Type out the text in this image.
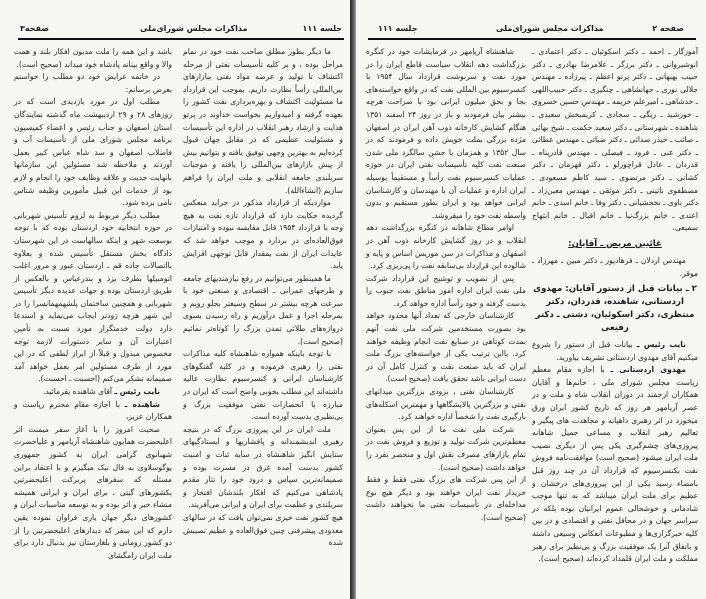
جلسه ۱۱۱
مذاکرات مجلس شورای‌ملی
صفحه۳

ما دیگر بطور مطلق صاحب نفت خود در تمام مراحل بوده ، و بر کلیه تأسیسات نفتی از مرحله اکتشاف تا تولید و عرضه مواد نفتی ببازارهای بین‌المللی رأساً نظارت داریم. بموجب این قرارداد ما مسئولیت اکتشاف و بهره‌برداری نفت کشور را بعهده گرفته و امیدواریم بخواست خداوند در پرتو هدایت و ارشاد رهبر انقلاب در اداره این تأسیسات و مسئولیت عظیمی که در مقابل جهان قبول کرده‌ایم به بهترین وجهی توفیق یافته و بتوانیم بیش از پیش بازارهای بین‌المللی را یافته و موجبات سربلندی جامعه انقلابی و ملت ایران را فراهم سازیم (انشاءالله).

مواردیکه از قرارداد مذکور در جراید منعکس گردیده حکایت دارد که قرارداد تازه نفت به هیچ وجه با قرارداد ۱۹۵۴ قابل مقایسه نبوده و امتیازات فوق‌العاده‌ای در بردارد و موجب خواهد شد که عایدات ایران از نفت بمقدار قابل توجهی افزایش یابد.

ما همینطور می‌توانیم در رفع نیازمندیهای جامعه و طرحهای عمرانی ـ اقتصادی و صنعتی خود با سرعت هرچه بیشتر در سطح وسیعتر بجلو رویم و بمرحله اجرا و عمل درآوریم و راه رسیدن بسوی دروازه‌های طلائی تمدن بزرگ را کوتاه‌تر نمائیم (صحیح است).

با توجه باینکه همواره شاهنشاه کلیه مذاکرات نفتی را رهبری فرموده و در کلیه گفتگوهای کارشناسان ایرانی و کنسرسیوم نظارت عالیه داشته‌اند این مطلب بخوبی واضح است که ایران در مبارزه با انحصارات نفتی موفقیت بزرگ و بی‌نظیری بدست آورده است.

ملت ایران در این پیروزی بزرگ که در نتیجه رهبری اندیشمندانه و پافشاریها و ایستادگیهای ستایش انگیز شاهنشاه در سایه ثبات و امنیت کشور بدست آمده غرق در مسرت بوده و صمیمانه‌ترین سپاس و درود خود را نثار مقدم پادشاهی می‌کنیم که افکار بلندشان افتخار و سربلندی و عظمت برای ایران و ایرانی می‌آفریند.

هیچ کشور نفت خیزی نمی‌توان یافت که در سالهای معدودی پیشرفتی چنین فوق‌العاده و عظیم نصیبش شده

باشد و این همه را ملت مدیون افکار بلند و همت والا و واقع بینانه پادشاه خود میداند (صحیح است).

در خاتمه عرایض خود دو مطلب را خواستم بعرض برسانم:

مطلب اول در مورد بازدیدی است که در روزهای ۲۸ و ۲۹ اردیبهشت ماه گذشته نمایندگان استان اصفهان و جناب رئیس و اعضاء کمیسیون برنامه مجلس شورای ملی از تأسیسات آب و فاضلاب اصفهان و سد شاه عباس کبیر بعمل آوردند و ملاحظه شد مسئولین این سازمانها بانهایت جدیت و علاقه وظایف خود را انجام و لازم بود از خدمات این قبیل مأمورین وظیفه شناس نامی برده شود.

مطلب دیگر مربوط به لزوم تأسیس شهربانی در حوزه انتخابیه خود اردستان بوده که با توجه بوسعت شهر و اینکه سالهاست در این شهرستان دادگاه بخش مستقل تأسیس شده و بعلاوه بااتصالات جاده قم ـ اردستان عبور و مرور اغلب اتومبیلها بطرف یزد و بندرعباس و بالعکس از طریق اردستان بوده و جهات عدیده دیگر تأسیس شهربانی و همچنین ساختمان پلشهمهمانسرا را در این شهر هرچه زودتر ایجاب می‌نماید و استدعا دارد دولت خدمتگزار مورد نسبت به تأمین اعتبارات آن و سایر دستورات لازمه توجه مخصوص مبذول و قبلاً از ابراز لطفی که در این مورد از طرف مسئولین امر بعمل خواهد آمد صمیمانه تشکر می‌کنم (احسنت ـ احسنت).

نایب رئیس ـ آقای شاهنده بفرمائید.

شاهنده ـ با اجازه مقام محترم ریاست و همکاران عزیز،

صحبت امروز را با آغاز سفر میمنت اثر اعلیحضرت همایون شاهنشاه آریامهر و علیاحضرت شهبانوی گرامی ایران به کشور جمهوری یوگوسلاوی به فال نیک میگیرم و با اعتقاد براین مسئله که سفرهای پربرکت اعلیحضرتین بکشورهای گیتی ، برای ایران و ایرانی همیشه منشاء خیر و اثر بوده و به توسعه مناسبات ایران و کشورهای دیگر جهان یاری فراوان نموده یقین دارم که این سفر که دیدارهای اعلیحضرتین را از دو کشور رومانی و بلغارستان نیز بدنبال دارد برای ملت ایران رامگشای

صفحه ۲
مذاکرات مجلس شورای‌ملی
جلسه ۱۱۱

شاهنشاه آریامهر در فرمایشات خود در کنگره بزرگداشت دهه انقلاب سیاست قاطع ایران را در مورد نفت و سرنوشت قرارداد سال ۱۹۵۴ با کنسرسیوم بین المللی نفت که در واقع خواسته‌های بجا و بحق میلیون ایرانی بود با صراحت هرچه بیشتر بیان فرمودند و باز در روز ۲۴ اسفند ۱۳۵۱ هنگام گشایش کارخانه ذوب آهن ایران در اصفهان مژده بزرگی بملت خویش داده و فرمودند که در سال ۱۳۵۲ و همزمان با جشن سالگرد ملی شدن صنعت نفت کلیه تأسیسات نفتی ایران در حوزه عملیات کنسرسیوم نفت رأساً و مستقیماً بوسیله ایران اداره و عملیات آن با مهندسان و کارشناسان ایرانی خواهد بود و ایران بطور مستقیم و بدون واسطه نفت خود را میفروشد.

اوامر مطاع شاهانه در کنگره بزرگداشت دهه انقلاب و در روز گشایش کارخانه ذوب آهن در اصفهان و مذاکرات در سن موریس اساس و پایه و شالوده این قرارداد بی‌سابقه نفت را پی‌ریزی کرد.

پس از تصویب و توشیح این قرارداد شرکت ملی نفت ایران اداره امور مناطق نفت جنوب را بدست گرفته و خود رأساً اداره خواهد کرد.

کارشناسان خارجی که تعداد آنها محدود خواهد بود بصورت مستخدمین شرکت ملی نفت آنهم بمدت کوتاهی در صنایع نفت انجام وظیفه خواهند کرد. بااین ترتیب یکی از خواسته‌های بزرگ ملت ایران که باید صنعت نفت و کنترل کامل آن در دست ایرانی باشد تحقق یافت (صحیح است).

کارشناسان نفتی ، بزودی بزرگترین میدانهای نفتی و بزرگترین پالایشگاهها و مهمترین اسکله‌های بارگیری نفت را شخصاً اداره خواهند کرد.

شرکت ملی نفت ما از این پس بعنوان معظم‌ترین شرکت تولید و توزیع و فروش نفت در تمام بازارهای مصرف نقش اول و منحصر بفرد را خواهد داشت (صحیح است).

از این پس شرکت های بزرگ نفتی فقط و فقط خریدار نفت ایران خواهند بود و دیگر هیچ نوع مداخله‌ای در تأسیسات نفتی ما نخواهند داشت (صحیح است).

آموزگار ـ احمد ـ دکتر اسکوئیان ـ دکتر اعتمادی ـ انوشیروانی ـ دکتر برزگر ـ غلامرضا بهادری ـ دکتر حبیب بهبهانی ـ دکتر پرتو اعظم ـ پیرزاده ـ مهندس جلالی نوری ـ جهانشاهی ـ چنگیزی ـ دکتر حبیب‌اللهی ـ خدشاهی ـ امیرعلم خزیمه ـ مهندس حسین خسروی ـ خورشید ـ ریگی ـ سجادی ـ کریمبخش سعیدی ـ شاهنده ـ شهرستانی ـ دکتر سعید حکمت ـ شیخ بهائی ـ صائب ـ حیدر صدائی ـ دکتر ضیائی ـ مهندس عطائی ـ دکتر غنی ـ فرود ـ فیصلی ـ مهندس قادرپناه ـ قدردان ـ عادل قراچورلو ـ دکتر قهرمان ـ دکتر کشانی ـ دکتر مرتضوی ـ سید کاظم مسعودی ـ مصطفوی نائینی ـ دکتر موثقی ـ مهندس معین‌زاد ـ دکتر ناوی ـ نخجشیانی ـ دکتر وفا ـ خانم اسدی ـ خانم اعتدی ـ خانم بزرگ‌نیا ـ خانم اقبال ـ خانم ابتهاج سمیعی.

غائبین مریض ـ آقایان:

مهندس اردلان ـ فرهادپور ـ دکتر مبین ـ مهرزاد ـ موقر.

۲ ـ بیانات قبل از دستور آقایان: مهدوی اردستانی، شاهنده، قدردان، دکتر منتظری، دکتر اسکوئیان، دشتی ـ دکتر رفیعی

نایب رئیس ـ بیانات قبل از دستور را شروع میکنیم آقای مهدوی اردستانی تشریف بیاورید.

مهدوی اردستانی ـ با اجازه مقام معظم ریاست مجلس شورای ملی ، خانم‌ها و آقایان همکاران ارجمند در دوران انقلاب شاه و ملت و در عصر آریامهر هر روز که تاریخ کشور ایران ورق میخورد در اثر رهبری داهیانه و مجاهدت های پیگیر و تعالیم رهبر انقلاب و مساعی جمیل شاهانه پیروزی‌های چشم‌گیری یکی پس از دیگری نصیب ملت ایران میشود (صحیح است) موافقت‌نامه فروش نفت بکنسرسیوم که قرارداد آن در چند روز قبل بامضاء رسید یکی از این پیروزی‌های درخشان و عظیم برای ملت ایران میباشد که نه تنها موجب شادمانی و خوشحالی عموم ایرانیان بوده بلکه در سراسر جهان و در محافل نفتی و اقتصادی و در بین کلیه خبرگزاری‌ها و مطبوعات انعکاس وسیعی داشته و باتفاق آنرا یک موفقیت بزرگ و بی‌نظیر برای رهبر مملکت و ملت ایران قلمداد کرده‌اند (صحیح است).
